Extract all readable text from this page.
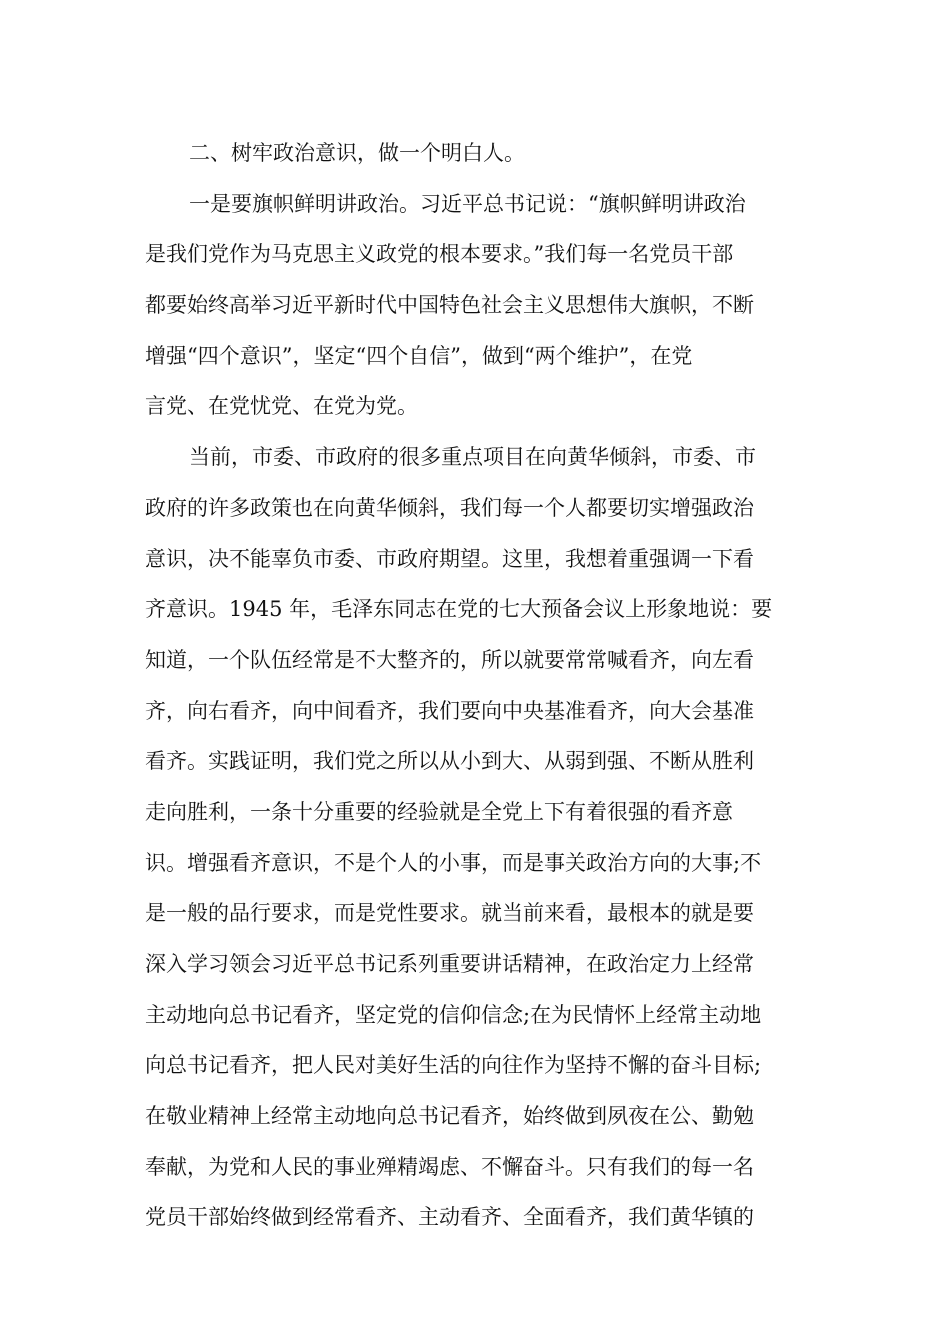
二、树牢政治意识，做一个明白人。
一是要旗帜鲜明讲政治。习近平总书记说：“旗帜鲜明讲政治
是我们党作为马克思主义政党的根本要求。”我们每一名党员干部
都要始终高举习近平新时代中国特色社会主义思想伟大旗帜，不断
增强“四个意识”，坚定“四个自信”，做到“两个维护”，在党
言党、在党忧党、在党为党。
当前，市委、市政府的很多重点项目在向黄华倾斜，市委、市
政府的许多政策也在向黄华倾斜，我们每一个人都要切实增强政治
意识，决不能辜负市委、市政府期望。这里，我想着重强调一下看
齐意识。1945 年，毛泽东同志在党的七大预备会议上形象地说：要
知道，一个队伍经常是不大整齐的，所以就要常常喊看齐，向左看
齐，向右看齐，向中间看齐，我们要向中央基准看齐，向大会基准
看齐。实践证明，我们党之所以从小到大、从弱到强、不断从胜利
走向胜利，一条十分重要的经验就是全党上下有着很强的看齐意
识。增强看齐意识，不是个人的小事，而是事关政治方向的大事;不
是一般的品行要求，而是党性要求。就当前来看，最根本的就是要
深入学习领会习近平总书记系列重要讲话精神，在政治定力上经常
主动地向总书记看齐，坚定党的信仰信念;在为民情怀上经常主动地
向总书记看齐，把人民对美好生活的向往作为坚持不懈的奋斗目标;
在敬业精神上经常主动地向总书记看齐，始终做到夙夜在公、勤勉
奉献，为党和人民的事业殚精竭虑、不懈奋斗。只有我们的每一名
党员干部始终做到经常看齐、主动看齐、全面看齐，我们黄华镇的
